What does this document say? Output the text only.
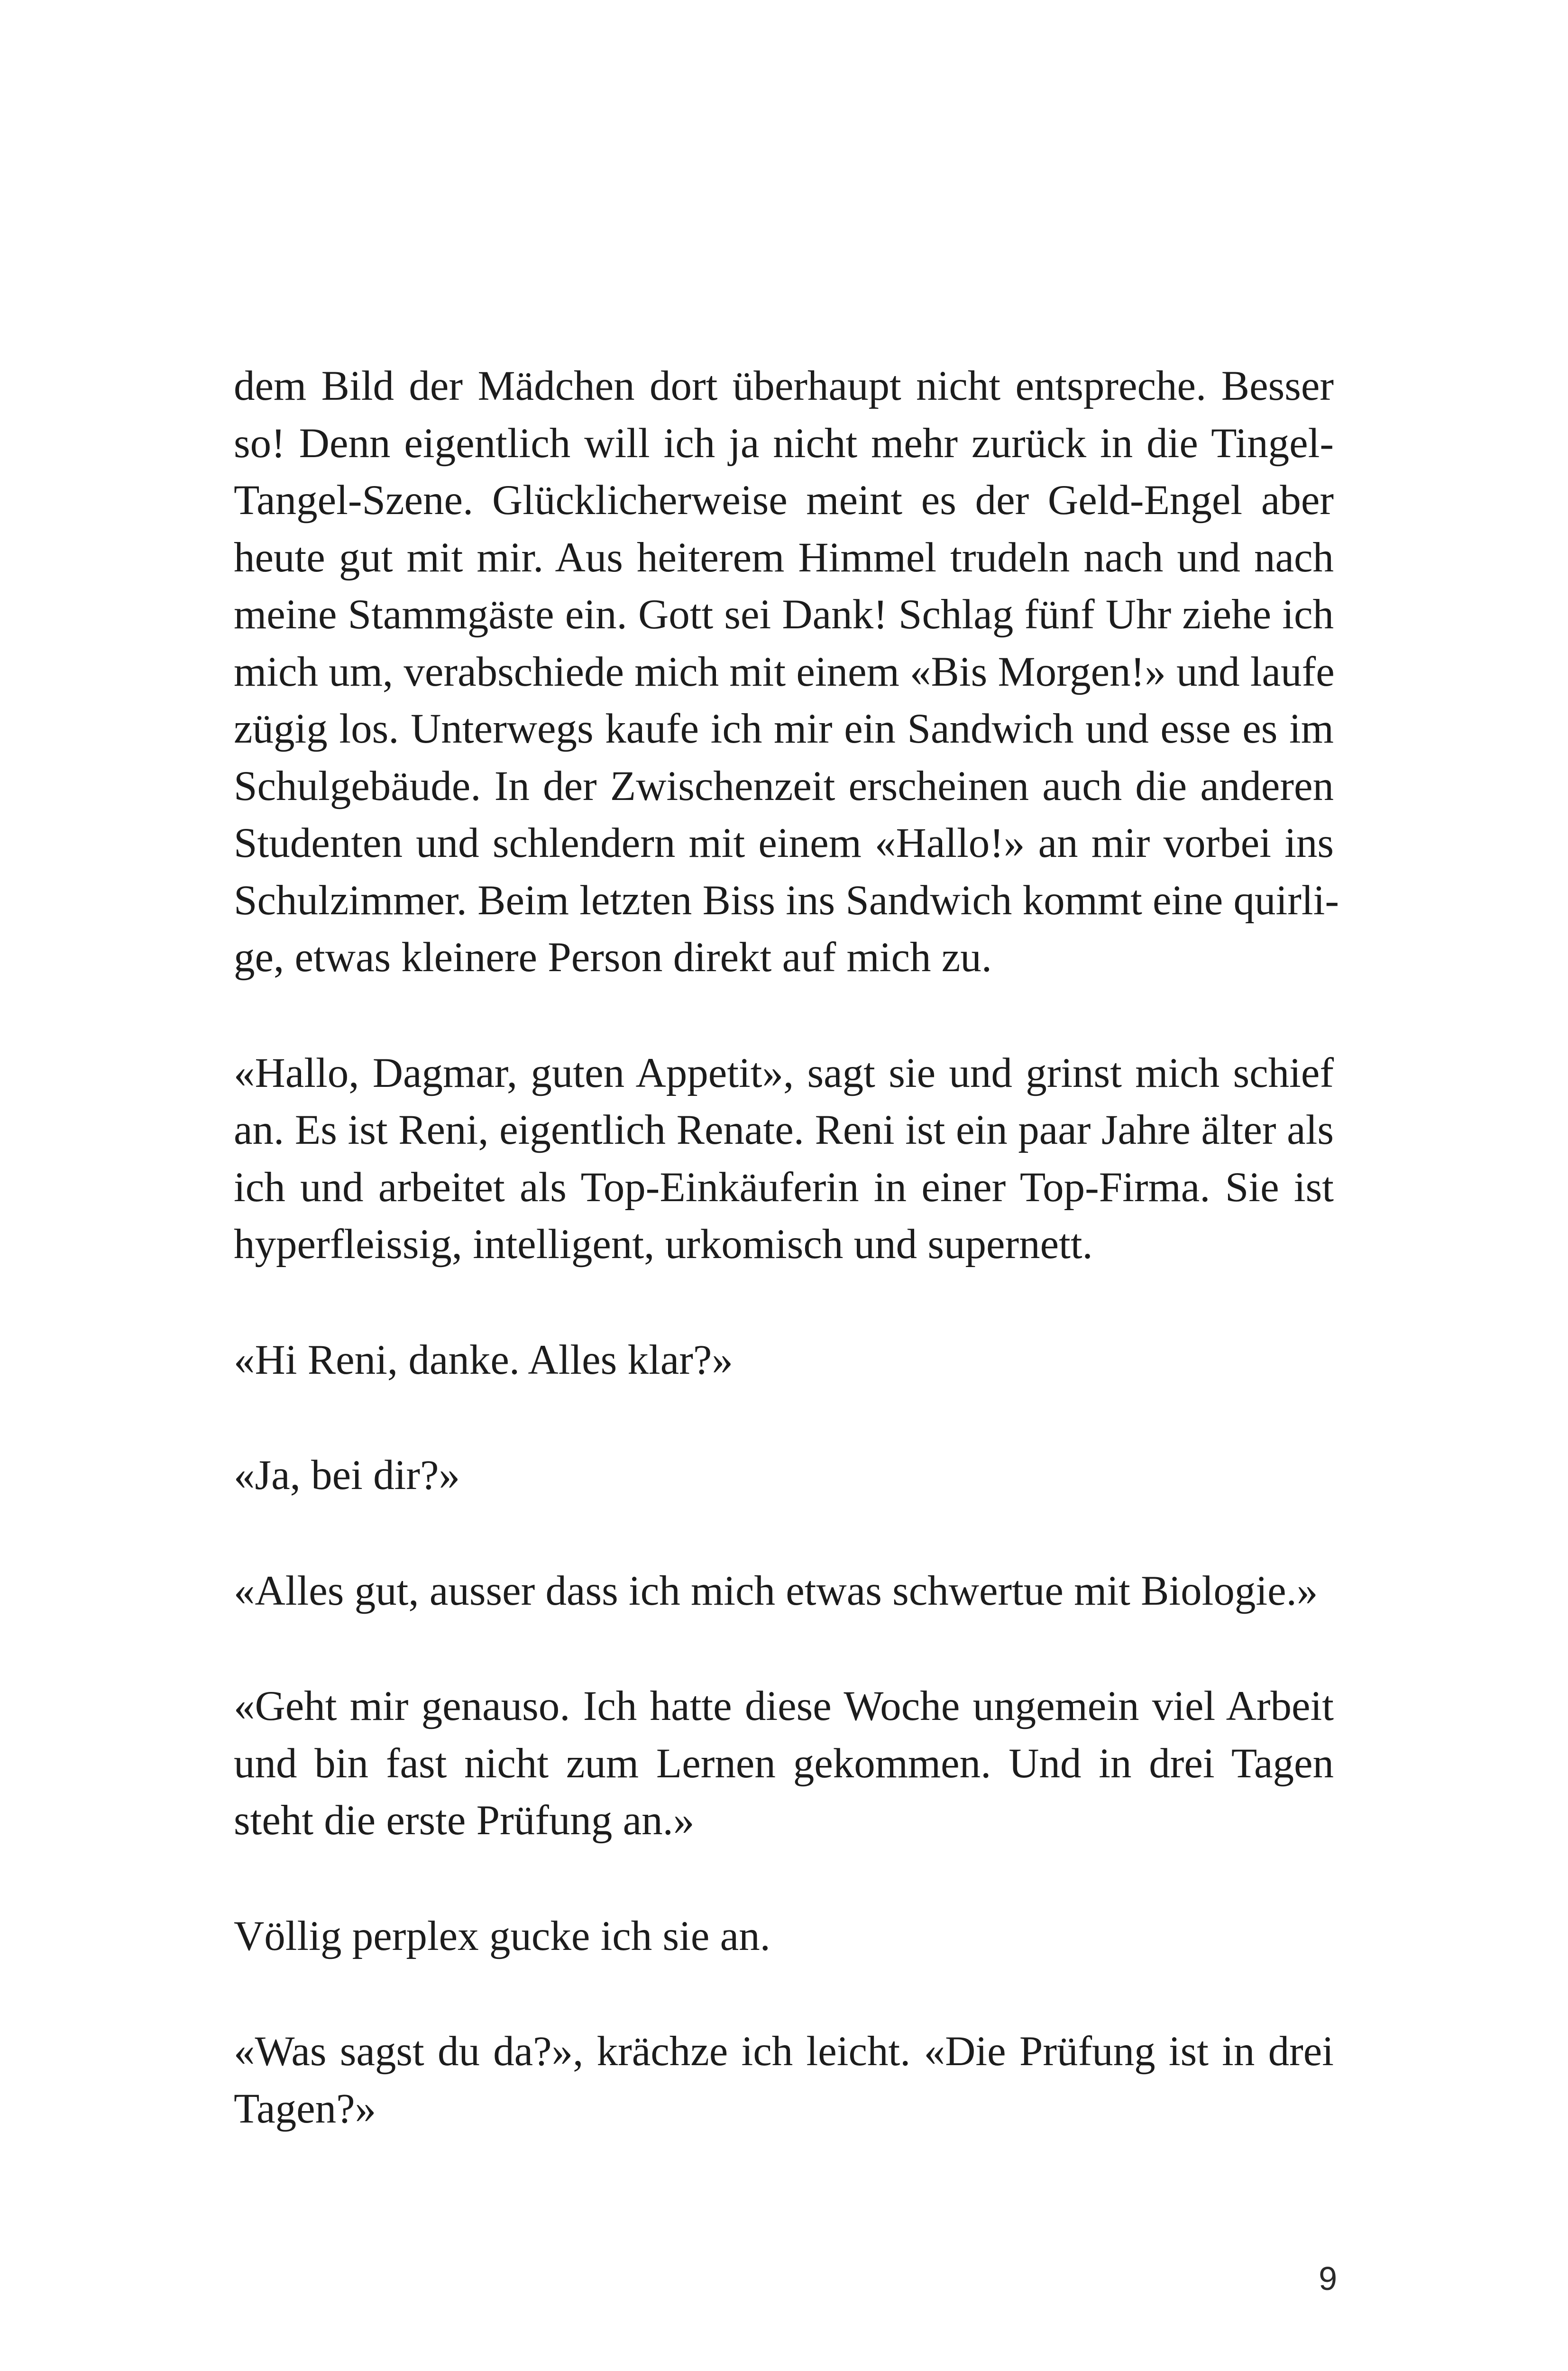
dem Bild der Mädchen dort überhaupt nicht entspreche. Besser
so! Denn eigentlich will ich ja nicht mehr zurück in die Tingel-
Tangel-Szene. Glücklicherweise meint es der Geld-Engel aber
heute gut mit mir. Aus heiterem Himmel trudeln nach und nach
meine Stammgäste ein. Gott sei Dank! Schlag fünf Uhr ziehe ich
mich um, verabschiede mich mit einem «Bis Morgen!» und laufe
zügig los. Unterwegs kaufe ich mir ein Sandwich und esse es im
Schulgebäude. In der Zwischenzeit erscheinen auch die anderen
Studenten und schlendern mit einem «Hallo!» an mir vorbei ins
Schulzimmer. Beim letzten Biss ins Sandwich kommt eine quirli-
ge, etwas kleinere Person direkt auf mich zu.

«Hallo, Dagmar, guten Appetit», sagt sie und grinst mich schief
an. Es ist Reni, eigentlich Renate. Reni ist ein paar Jahre älter als
ich und arbeitet als Top-Einkäuferin in einer Top-Firma. Sie ist
hyperfleissig, intelligent, urkomisch und supernett.

«Hi Reni, danke. Alles klar?»

«Ja, bei dir?»

«Alles gut, ausser dass ich mich etwas schwertue mit Biologie.»

«Geht mir genauso. Ich hatte diese Woche ungemein viel Arbeit
und bin fast nicht zum Lernen gekommen. Und in drei Tagen
steht die erste Prüfung an.»

Völlig perplex gucke ich sie an.

«Was sagst du da?», krächze ich leicht. «Die Prüfung ist in drei
Tagen?»

9
